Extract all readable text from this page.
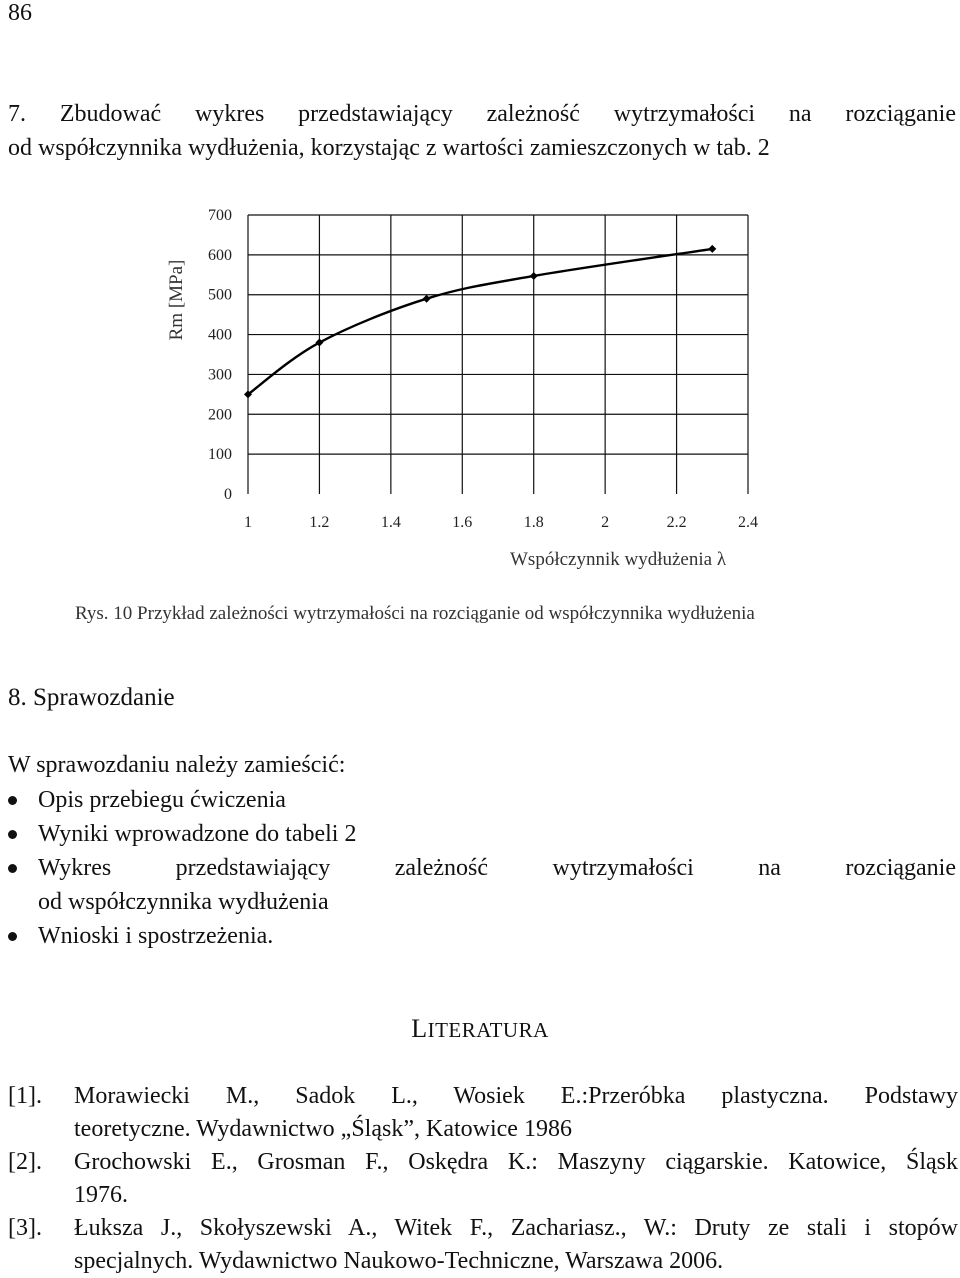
86
7. Zbudować wykres przedstawiający zależność wytrzymałości na rozciąganie
od współczynnika wydłużenia, korzystając z wartości zamieszczonych w tab. 2
Rm [MPa]
0
100
200
300
400
500
600
700
1	1.2	1.4	1.6	1.8	2	2.2	2.4
Współczynnik wydłużenia λ
Rys. 10 Przykład zależności wytrzymałości na rozciąganie od współczynnika wydłużenia
8. Sprawozdanie
W sprawozdaniu należy zamieścić:
Opis przebiegu ćwiczenia
Wyniki wprowadzone do tabeli 2
Wykres przedstawiający zależność wytrzymałości na rozciąganie
od współczynnika wydłużenia
Wnioski i spostrzeżenia.
LITERATURA
[1]. Morawiecki M., Sadok L., Wosiek E.:Przeróbka plastyczna. Podstawy
teoretyczne. Wydawnictwo „Śląsk”, Katowice 1986
[2]. Grochowski E., Grosman F., Oskędra K.: Maszyny ciągarskie. Katowice, Śląsk
1976.
[3]. Łuksza J., Skołyszewski A., Witek F., Zachariasz., W.: Druty ze stali i stopów
specjalnych. Wydawnictwo Naukowo-Techniczne, Warszawa 2006.
